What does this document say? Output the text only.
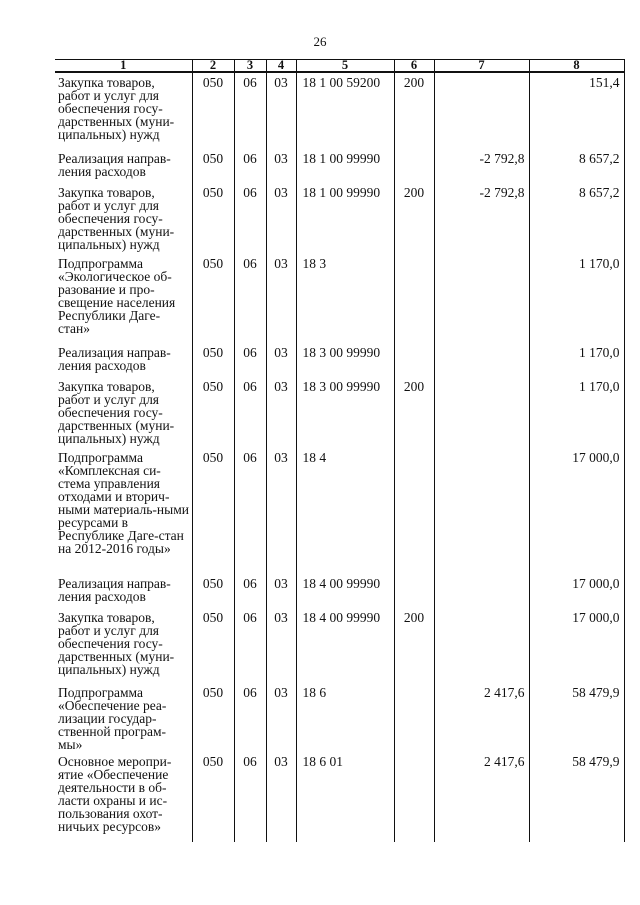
26
1	2	3	4	5	6	7	8
Закупка товаров, работ и услуг для обеспечения госу-дарственных (муни-ципальных) нужд	050	06	03	18 1 00 59200	200		151,4
Реализация направ-ления расходов	050	06	03	18 1 00 99990		-2 792,8	8 657,2
Закупка товаров, работ и услуг для обеспечения госу-дарственных (муни-ципальных) нужд	050	06	03	18 1 00 99990	200	-2 792,8	8 657,2
Подпрограмма «Экологическое об-разование и про-свещение населения Республики Даге-стан»	050	06	03	18 3			1 170,0
Реализация направ-ления расходов	050	06	03	18 3 00 99990			1 170,0
Закупка товаров, работ и услуг для обеспечения госу-дарственных (муни-ципальных) нужд	050	06	03	18 3 00 99990	200		1 170,0
Подпрограмма «Комплексная си-стема управления отходами и вторич-ными материаль-ными ресурсами в Республике Даге-стан на 2012-2016 годы»	050	06	03	18 4			17 000,0
Реализация направ-ления расходов	050	06	03	18 4 00 99990			17 000,0
Закупка товаров, работ и услуг для обеспечения госу-дарственных (муни-ципальных) нужд	050	06	03	18 4 00 99990	200		17 000,0
Подпрограмма «Обеспечение реа-лизации государ-ственной програм-мы»	050	06	03	18 6		2 417,6	58 479,9
Основное меропри-ятие «Обеспечение деятельности в об-ласти охраны и ис-пользования охот-ничьих ресурсов»	050	06	03	18 6 01		2 417,6	58 479,9
